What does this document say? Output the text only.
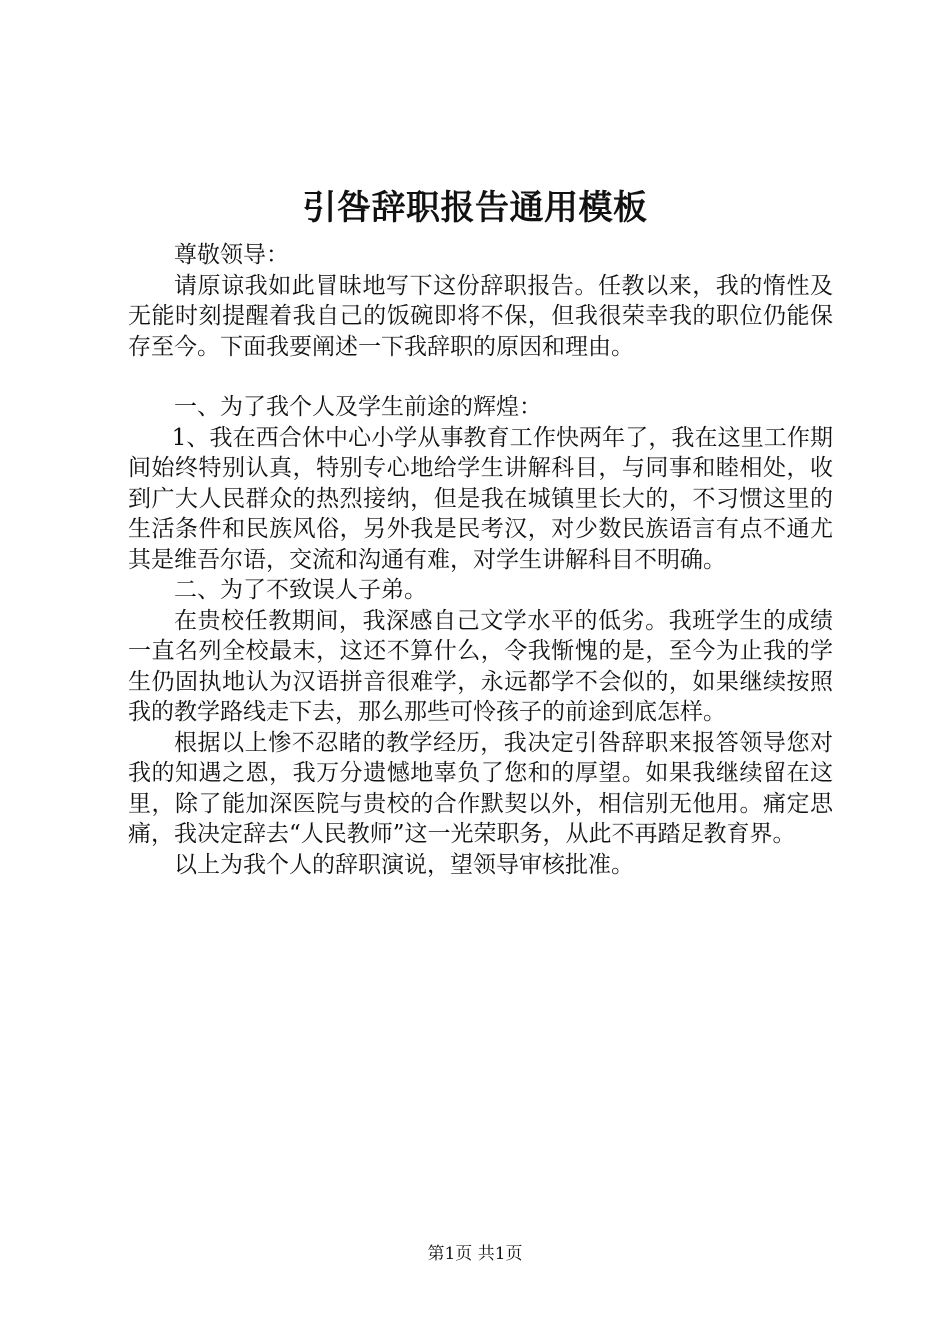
引咎辞职报告通用模板

尊敬领导：

请原谅我如此冒昧地写下这份辞职报告。任教以来，我的惰性及无能时刻提醒着我自己的饭碗即将不保，但我很荣幸我的职位仍能保存至今。下面我要阐述一下我辞职的原因和理由。

一、为了我个人及学生前途的辉煌：

1、我在西合休中心小学从事教育工作快两年了，我在这里工作期间始终特别认真，特别专心地给学生讲解科目，与同事和睦相处，收到广大人民群众的热烈接纳，但是我在城镇里长大的，不习惯这里的生活条件和民族风俗，另外我是民考汉，对少数民族语言有点不通尤其是维吾尔语，交流和沟通有难，对学生讲解科目不明确。

二、为了不致误人子弟。

在贵校任教期间，我深感自己文学水平的低劣。我班学生的成绩一直名列全校最末，这还不算什么，令我惭愧的是，至今为止我的学生仍固执地认为汉语拼音很难学，永远都学不会似的，如果继续按照我的教学路线走下去，那么那些可怜孩子的前途到底怎样。

根据以上惨不忍睹的教学经历，我决定引咎辞职来报答领导您对我的知遇之恩，我万分遗憾地辜负了您和的厚望。如果我继续留在这里，除了能加深医院与贵校的合作默契以外，相信别无他用。痛定思痛，我决定辞去“人民教师”这一光荣职务，从此不再踏足教育界。

以上为我个人的辞职演说，望领导审核批准。

第1页 共1页
